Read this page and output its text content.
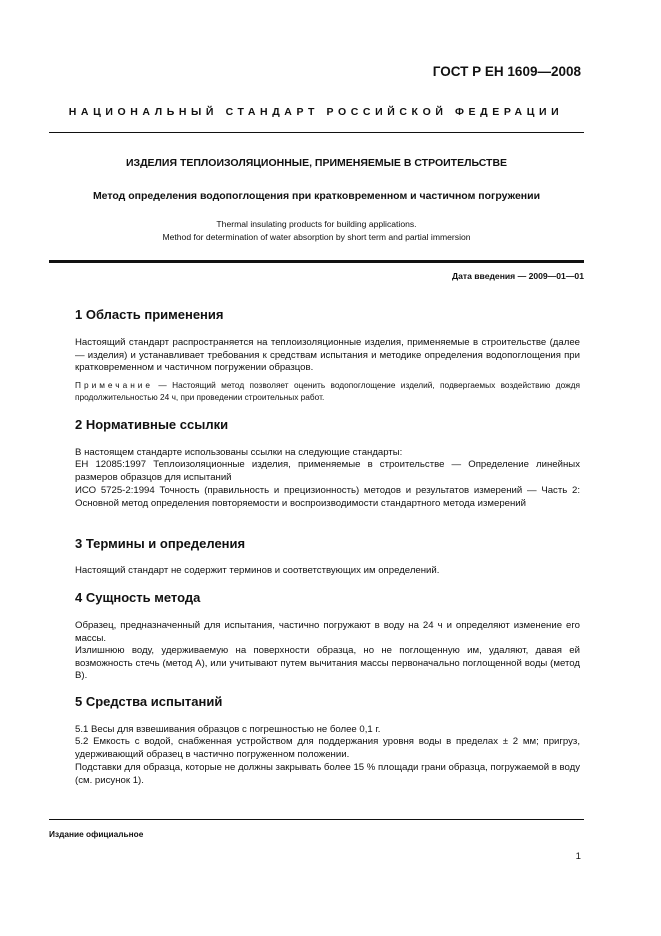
ГОСТ Р ЕН 1609—2008
НАЦИОНАЛЬНЫЙ СТАНДАРТ РОССИЙСКОЙ ФЕДЕРАЦИИ
ИЗДЕЛИЯ ТЕПЛОИЗОЛЯЦИОННЫЕ, ПРИМЕНЯЕМЫЕ В СТРОИТЕЛЬСТВЕ
Метод определения водопоглощения при кратковременном и частичном погружении
Thermal insulating products for building applications.
Method for determination of water absorption by short term and partial immersion
Дата введения — 2009—01—01
1 Область применения

Настоящий стандарт распространяется на теплоизоляционные изделия, применяемые в строительстве (далее — изделия) и устанавливает требования к средствам испытания и методике определения водопоглощения при кратковременном и частичном погружении образцов.

Примечание — Настоящий метод позволяет оценить водопоглощение изделий, подвергаемых воздействию дождя продолжительностью 24 ч, при проведении строительных работ.

2 Нормативные ссылки

В настоящем стандарте использованы ссылки на следующие стандарты:

ЕН 12085:1997 Теплоизоляционные изделия, применяемые в строительстве — Определение линейных размеров образцов для испытаний

ИСО 5725-2:1994 Точность (правильность и прецизионность) методов и результатов измерений — Часть 2: Основной метод определения повторяемости и воспроизводимости стандартного метода измерений

3 Термины и определения

Настоящий стандарт не содержит терминов и соответствующих им определений.

4 Сущность метода

Образец, предназначенный для испытания, частично погружают в воду на 24 ч и определяют изменение его массы.

Излишнюю воду, удерживаемую на поверхности образца, но не поглощенную им, удаляют, давая ей возможность стечь (метод А), или учитывают путем вычитания массы первоначально поглощенной воды (метод В).

5 Средства испытаний

5.1 Весы для взвешивания образцов с погрешностью не более 0,1 г.

5.2 Емкость с водой, снабженная устройством для поддержания уровня воды в пределах ± 2 мм; пригруз, удерживающий образец в частично погруженном положении.

Подставки для образца, которые не должны закрывать более 15 % площади грани образца, погружаемой в воду (см. рисунок 1).

Издание официальное
1
